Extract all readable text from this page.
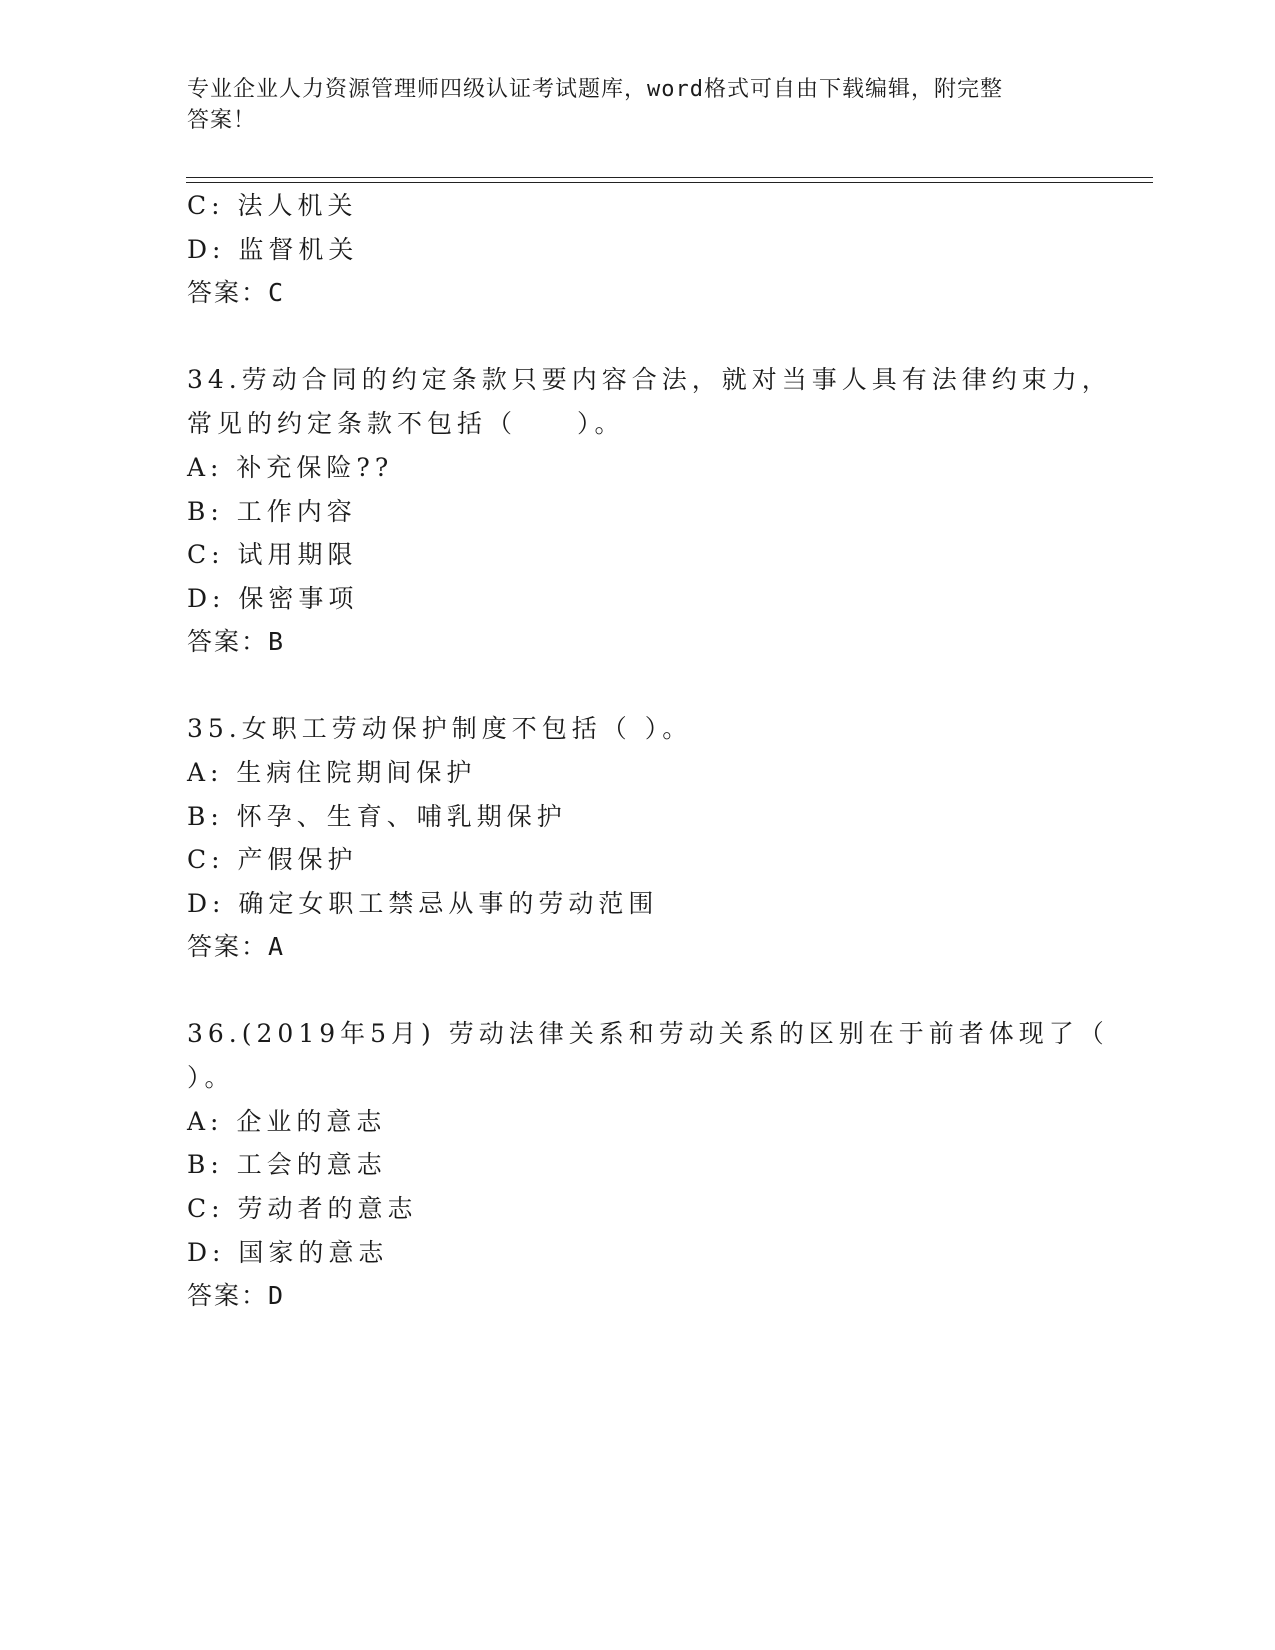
专业企业人力资源管理师四级认证考试题库，word格式可自由下载编辑，附完整
答案！
C: 法人机关
D: 监督机关
答案：C
34.劳动合同的约定条款只要内容合法，就对当事人具有法律约束力，
常见的约定条款不包括（　　）。
A: 补充保险??
B: 工作内容
C: 试用期限
D: 保密事项
答案：B
35.女职工劳动保护制度不包括（ ）。
A: 生病住院期间保护
B: 怀孕、生育、哺乳期保护
C: 产假保护
D: 确定女职工禁忌从事的劳动范围
答案：A
36.(2019年5月) 劳动法律关系和劳动关系的区别在于前者体现了（
）。
A: 企业的意志
B: 工会的意志
C: 劳动者的意志
D: 国家的意志
答案：D
